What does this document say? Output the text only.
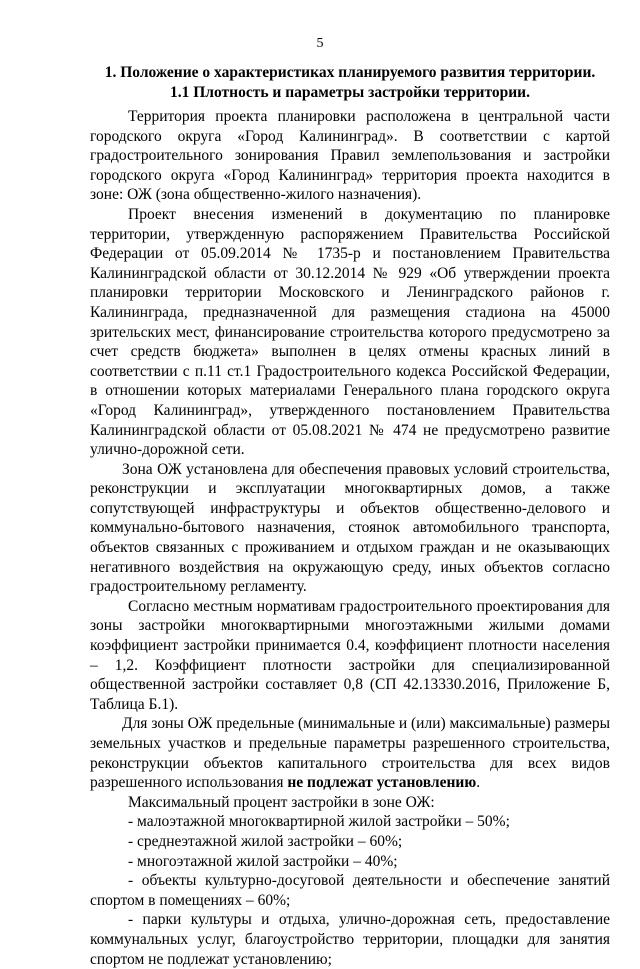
5
1. Положение о характеристиках планируемого развития территории.
1.1 Плотность и параметры застройки территории.

Территория проекта планировки расположена в центральной части городского округа «Город Калининград». В соответствии с картой градостроительного зонирования Правил землепользования и застройки городского округа «Город Калининград» территория проекта находится в зоне: ОЖ (зона общественно-жилого назначения).

Проект внесения изменений в документацию по планировке территории, утвержденную распоряжением Правительства Российской Федерации от 05.09.2014 № 1735-р и постановлением Правительства Калининградской области от 30.12.2014 № 929 «Об утверждении проекта планировки территории Московского и Ленинградского районов г. Калининграда, предназначенной для размещения стадиона на 45000 зрительских мест, финансирование строительства которого предусмотрено за счет средств бюджета» выполнен в целях отмены красных линий в соответствии с п.11 ст.1 Градостроительного кодекса Российской Федерации, в отношении которых материалами Генерального плана городского округа «Город Калининград», утвержденного постановлением Правительства Калининградской области от 05.08.2021 № 474 не предусмотрено развитие улично-дорожной сети.

Зона ОЖ установлена для обеспечения правовых условий строительства, реконструкции и эксплуатации многоквартирных домов, а также сопутствующей инфраструктуры и объектов общественно-делового и коммунально-бытового назначения, стоянок автомобильного транспорта, объектов связанных с проживанием и отдыхом граждан и не оказывающих негативного воздействия на окружающую среду, иных объектов согласно градостроительному регламенту.

Согласно местным нормативам градостроительного проектирования для зоны застройки многоквартирными многоэтажными жилыми домами коэффициент застройки принимается 0.4, коэффициент плотности населения – 1,2. Коэффициент плотности застройки для специализированной общественной застройки составляет 0,8 (СП 42.13330.2016, Приложение Б, Таблица Б.1).

Для зоны ОЖ предельные (минимальные и (или) максимальные) размеры земельных участков и предельные параметры разрешенного строительства, реконструкции объектов капитального строительства для всех видов разрешенного использования не подлежат установлению.

Максимальный процент застройки в зоне ОЖ:

- малоэтажной многоквартирной жилой застройки – 50%;

- среднеэтажной жилой застройки – 60%;

- многоэтажной жилой застройки – 40%;

- объекты культурно-досуговой деятельности и обеспечение занятий спортом в помещениях – 60%;

- парки культуры и отдыха, улично-дорожная сеть, предоставление коммунальных услуг, благоустройство территории, площадки для занятия спортом не подлежат установлению;
